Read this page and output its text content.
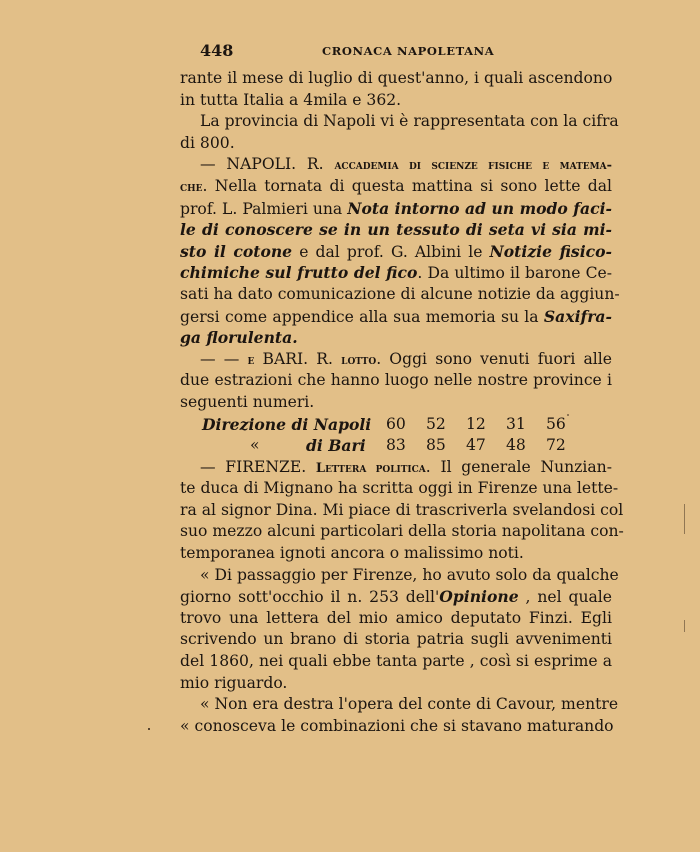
448	CRONACA NAPOLETANA
rante il mese di luglio di quest'anno, i quali ascendono
in tutta Italia a 4mila e 362.
La provincia di Napoli vi è rappresentata con la cifra
di 800.
— NAPOLI. R. accademia di scienze fisiche e matema-
che. Nella tornata di questa mattina si sono lette dal
prof. L. Palmieri una Nota intorno ad un modo faci-
le di conoscere se in un tessuto di seta vi sia mi-
sto il cotone e dal prof. G. Albini le Notizie fisico-
chimiche sul frutto del fico. Da ultimo il barone Ce-
sati ha dato comunicazione di alcune notizie da aggiun-
gersi come appendice alla sua memoria su la Saxifra-
ga florulenta.
— — e BARI. R. lotto. Oggi sono venuti fuori alle
due estrazioni che hanno luogo nelle nostre province i
seguenti numeri.
Direzione di Napoli 60 52 12 31 56
«	di Bari 83 85 47 48 72
— FIRENZE. Lettera politica. Il generale Nunzian-
te duca di Mignano ha scritta oggi in Firenze una lette-
ra al signor Dina. Mi piace di trascriverla svelandosi col
suo mezzo alcuni particolari della storia napolitana con-
temporanea ignoti ancora o malissimo noti.
« Di passaggio per Firenze, ho avuto solo da qualche
giorno sott'occhio il n. 253 dell'Opinione , nel quale
trovo una lettera del mio amico deputato Finzi. Egli
scrivendo un brano di storia patria sugli avvenimenti
del 1860, nei quali ebbe tanta parte , così si esprime a
mio riguardo.
« Non era destra l'opera del conte di Cavour, mentre
« conosceva le combinazioni che si stavano maturando
